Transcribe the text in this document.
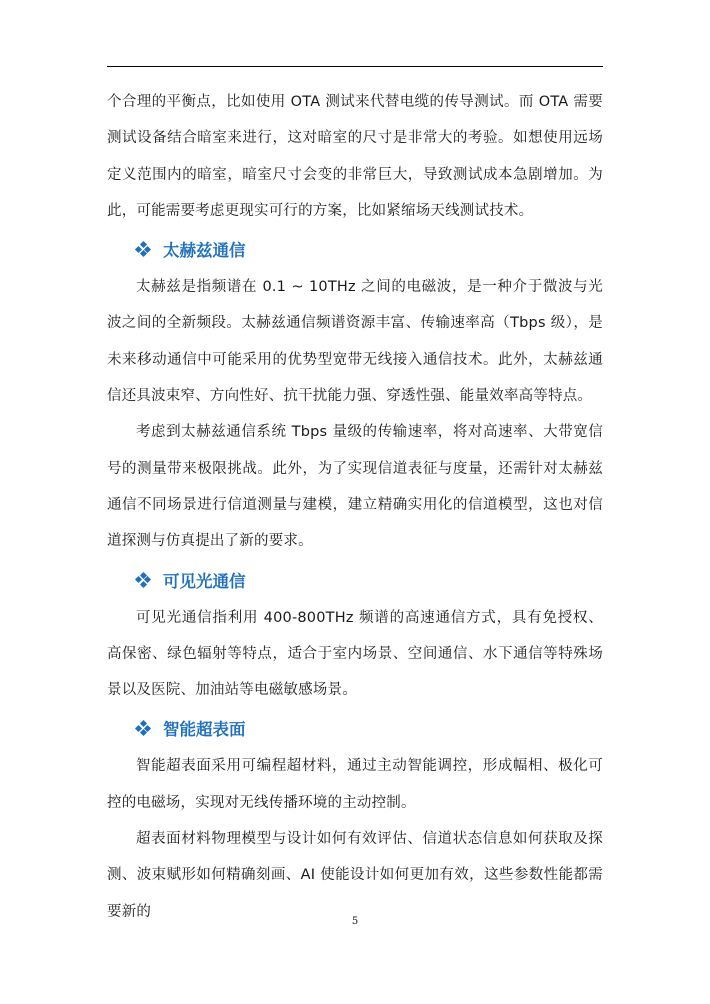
个合理的平衡点，比如使用 OTA 测试来代替电缆的传导测试。而 OTA 需要测试设备结合暗室来进行，这对暗室的尺寸是非常大的考验。如想使用远场定义范围内的暗室，暗室尺寸会变的非常巨大，导致测试成本急剧增加。为此，可能需要考虑更现实可行的方案，比如紧缩场天线测试技术。

太赫兹通信

太赫兹是指频谱在 0.1 ~ 10THz 之间的电磁波，是一种介于微波与光波之间的全新频段。太赫兹通信频谱资源丰富、传输速率高（Tbps 级），是未来移动通信中可能采用的优势型宽带无线接入通信技术。此外，太赫兹通信还具波束窄、方向性好、抗干扰能力强、穿透性强、能量效率高等特点。

考虑到太赫兹通信系统 Tbps 量级的传输速率，将对高速率、大带宽信号的测量带来极限挑战。此外，为了实现信道表征与度量，还需针对太赫兹通信不同场景进行信道测量与建模，建立精确实用化的信道模型，这也对信道探测与仿真提出了新的要求。

可见光通信

可见光通信指利用 400-800THz 频谱的高速通信方式，具有免授权、高保密、绿色辐射等特点，适合于室内场景、空间通信、水下通信等特殊场景以及医院、加油站等电磁敏感场景。

智能超表面

智能超表面采用可编程超材料，通过主动智能调控，形成幅相、极化可控的电磁场，实现对无线传播环境的主动控制。

超表面材料物理模型与设计如何有效评估、信道状态信息如何获取及探测、波束赋形如何精确刻画、AI 使能设计如何更加有效，这些参数性能都需要新的

5
